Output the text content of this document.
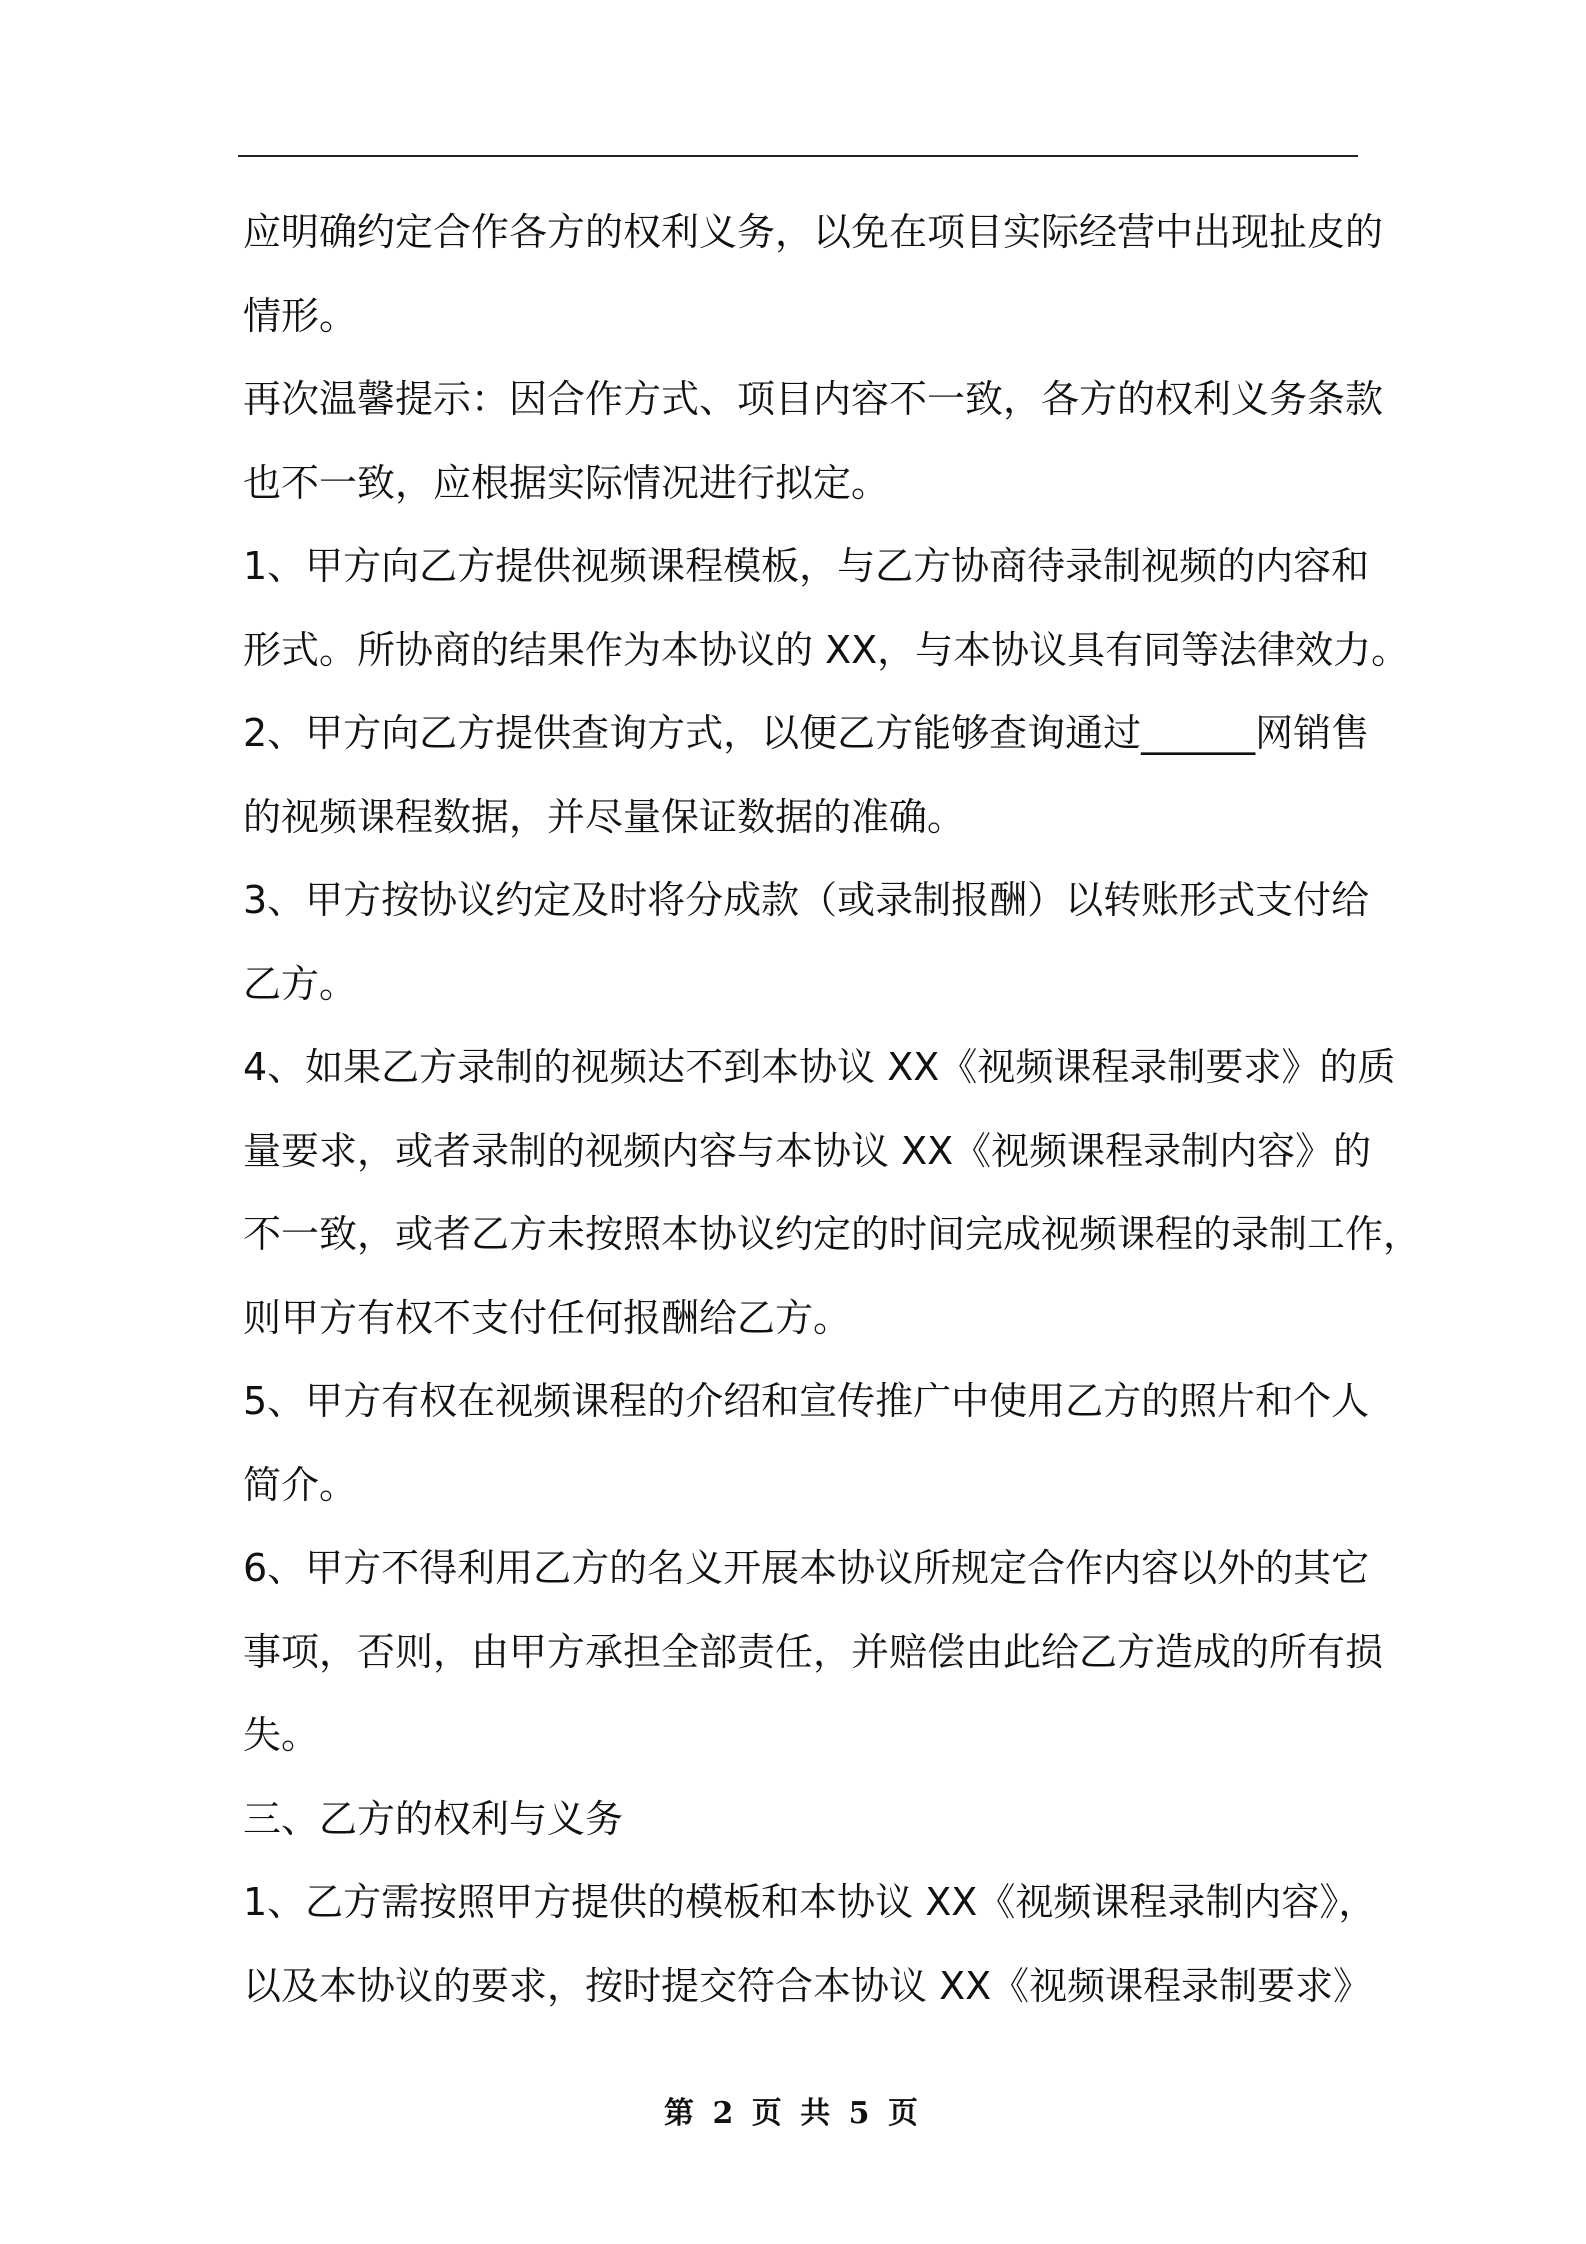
应明确约定合作各方的权利义务，以免在项目实际经营中出现扯皮的
情形。
再次温馨提示：因合作方式、项目内容不一致，各方的权利义务条款
也不一致，应根据实际情况进行拟定。
1、甲方向乙方提供视频课程模板，与乙方协商待录制视频的内容和
形式。所协商的结果作为本协议的 XX，与本协议具有同等法律效力。
2、甲方向乙方提供查询方式，以便乙方能够查询通过______网销售
的视频课程数据，并尽量保证数据的准确。
3、甲方按协议约定及时将分成款（或录制报酬）以转账形式支付给
乙方。
4、如果乙方录制的视频达不到本协议 XX《视频课程录制要求》的质
量要求，或者录制的视频内容与本协议 XX《视频课程录制内容》的
不一致，或者乙方未按照本协议约定的时间完成视频课程的录制工作，
则甲方有权不支付任何报酬给乙方。
5、甲方有权在视频课程的介绍和宣传推广中使用乙方的照片和个人
简介。
6、甲方不得利用乙方的名义开展本协议所规定合作内容以外的其它
事项，否则，由甲方承担全部责任，并赔偿由此给乙方造成的所有损
失。
三、乙方的权利与义务
1、乙方需按照甲方提供的模板和本协议 XX《视频课程录制内容》，
以及本协议的要求，按时提交符合本协议 XX《视频课程录制要求》
第 2 页 共 5 页
